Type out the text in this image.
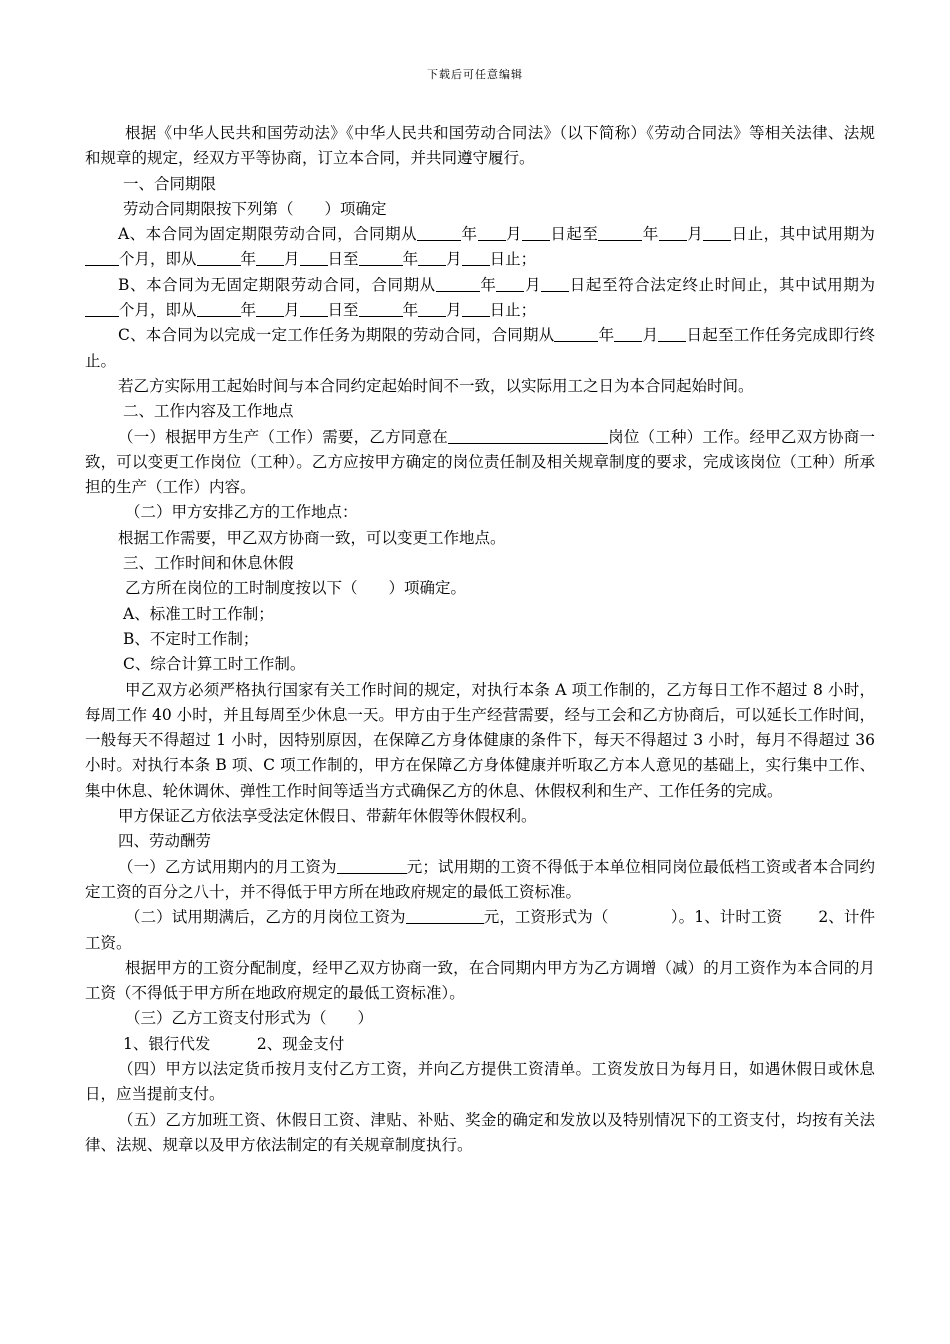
下载后可任意编辑

根据《中华人民共和国劳动法》《中华人民共和国劳动合同法》（以下简称）《劳动合同法》等相关法律、法规和规章的规定，经双方平等协商，订立本合同，并共同遵守履行。

一、合同期限

劳动合同期限按下列第（　　）项确定

A、本合同为固定期限劳动合同，合同期从	年 月 日起至	年 月 日止，其中试用期为个月，即从	年 月 日至	年 月 日止；

B、本合同为无固定期限劳动合同，合同期从	年 月 日起至符合法定终止时间止，其中试用期为个月，即从	年 月 日至	年 月 日止；

C、本合同为以完成一定工作任务为期限的劳动合同，合同期从	年 月 日起至工作任务完成即行终止。

若乙方实际用工起始时间与本合同约定起始时间不一致，以实际用工之日为本合同起始时间。

二、工作内容及工作地点

（一）根据甲方生产（工作）需要，乙方同意在	岗位（工种）工作。经甲乙双方协商一致，可以变更工作岗位（工种）。乙方应按甲方确定的岗位责任制及相关规章制度的要求，完成该岗位（工种）所承担的生产（工作）内容。

（二）甲方安排乙方的工作地点：

根据工作需要，甲乙双方协商一致，可以变更工作地点。

三、工作时间和休息休假

乙方所在岗位的工时制度按以下（　　）项确定。

A、标准工时工作制；

B、不定时工作制；

C、综合计算工时工作制。

甲乙双方必须严格执行国家有关工作时间的规定，对执行本条 A 项工作制的，乙方每日工作不超过 8 小时，每周工作 40 小时，并且每周至少休息一天。甲方由于生产经营需要，经与工会和乙方协商后，可以延长工作时间，一般每天不得超过 1 小时，因特别原因，在保障乙方身体健康的条件下，每天不得超过 3 小时，每月不得超过 36 小时。对执行本条 B 项、C 项工作制的，甲方在保障乙方身体健康并听取乙方本人意见的基础上，实行集中工作、集中休息、轮休调休、弹性工作时间等适当方式确保乙方的休息、休假权利和生产、工作任务的完成。

甲方保证乙方依法享受法定休假日、带薪年休假等休假权利。

四、劳动酬劳

（一）乙方试用期内的月工资为	元；试用期的工资不得低于本单位相同岗位最低档工资或者本合同约定工资的百分之八十，并不得低于甲方所在地政府规定的最低工资标准。

（二）试用期满后，乙方的月岗位工资为	元，工资形式为（　　　　）。1、计时工资　　 2、计件工资。

根据甲方的工资分配制度，经甲乙双方协商一致，在合同期内甲方为乙方调增（减）的月工资作为本合同的月工资（不得低于甲方所在地政府规定的最低工资标准）。

（三）乙方工资支付形式为（　　）

1、银行代发　　　2、现金支付

（四）甲方以法定货币按月支付乙方工资，并向乙方提供工资清单。工资发放日为每月日，如遇休假日或休息日，应当提前支付。

（五）乙方加班工资、休假日工资、津贴、补贴、奖金的确定和发放以及特别情况下的工资支付，均按有关法律、法规、规章以及甲方依法制定的有关规章制度执行。
